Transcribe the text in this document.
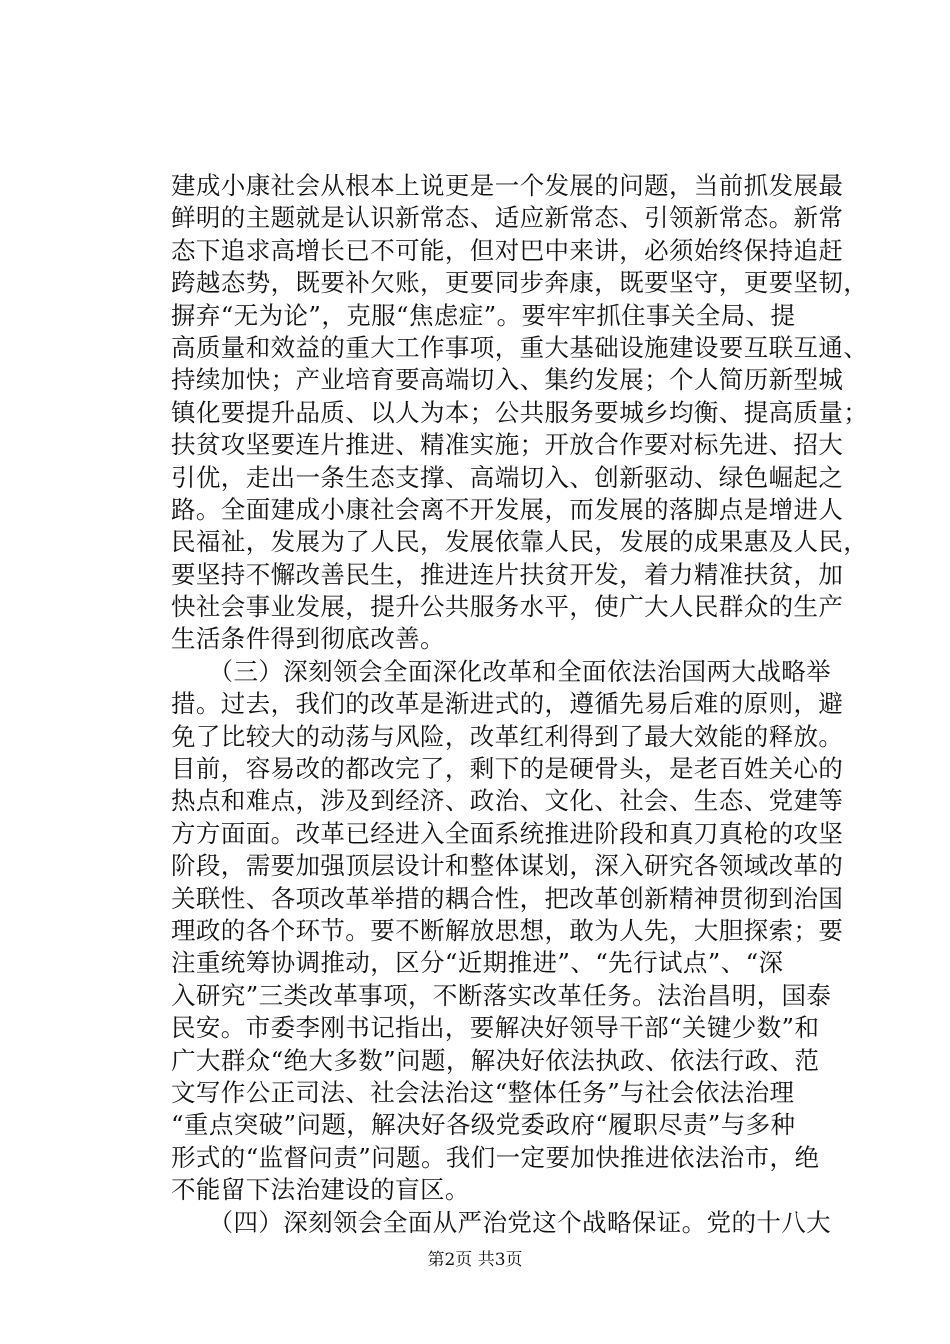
建成小康社会从根本上说更是一个发展的问题，当前抓发展最
鲜明的主题就是认识新常态、适应新常态、引领新常态。新常
态下追求高增长已不可能，但对巴中来讲，必须始终保持追赶
跨越态势，既要补欠账，更要同步奔康，既要坚守，更要坚韧，
摒弃“无为论”，克服“焦虑症”。要牢牢抓住事关全局、提
高质量和效益的重大工作事项，重大基础设施建设要互联互通、
持续加快；产业培育要高端切入、集约发展；个人简历新型城
镇化要提升品质、以人为本；公共服务要城乡均衡、提高质量；
扶贫攻坚要连片推进、精准实施；开放合作要对标先进、招大
引优，走出一条生态支撑、高端切入、创新驱动、绿色崛起之
路。全面建成小康社会离不开发展，而发展的落脚点是增进人
民福祉，发展为了人民，发展依靠人民，发展的成果惠及人民，
要坚持不懈改善民生，推进连片扶贫开发，着力精准扶贫，加
快社会事业发展，提升公共服务水平，使广大人民群众的生产
生活条件得到彻底改善。
　　（三）深刻领会全面深化改革和全面依法治国两大战略举
措。过去，我们的改革是渐进式的，遵循先易后难的原则，避
免了比较大的动荡与风险，改革红利得到了最大效能的释放。
目前，容易改的都改完了，剩下的是硬骨头，是老百姓关心的
热点和难点，涉及到经济、政治、文化、社会、生态、党建等
方方面面。改革已经进入全面系统推进阶段和真刀真枪的攻坚
阶段，需要加强顶层设计和整体谋划，深入研究各领域改革的
关联性、各项改革举措的耦合性，把改革创新精神贯彻到治国
理政的各个环节。要不断解放思想，敢为人先，大胆探索；要
注重统筹协调推动，区分“近期推进”、“先行试点”、“深
入研究”三类改革事项，不断落实改革任务。法治昌明，国泰
民安。市委李刚书记指出，要解决好领导干部“关键少数”和
广大群众“绝大多数”问题，解决好依法执政、依法行政、范
文写作公正司法、社会法治这“整体任务”与社会依法治理
“重点突破”问题，解决好各级党委政府“履职尽责”与多种
形式的“监督问责”问题。我们一定要加快推进依法治市，绝
不能留下法治建设的盲区。
　　（四）深刻领会全面从严治党这个战略保证。党的十八大
第2页 共3页
